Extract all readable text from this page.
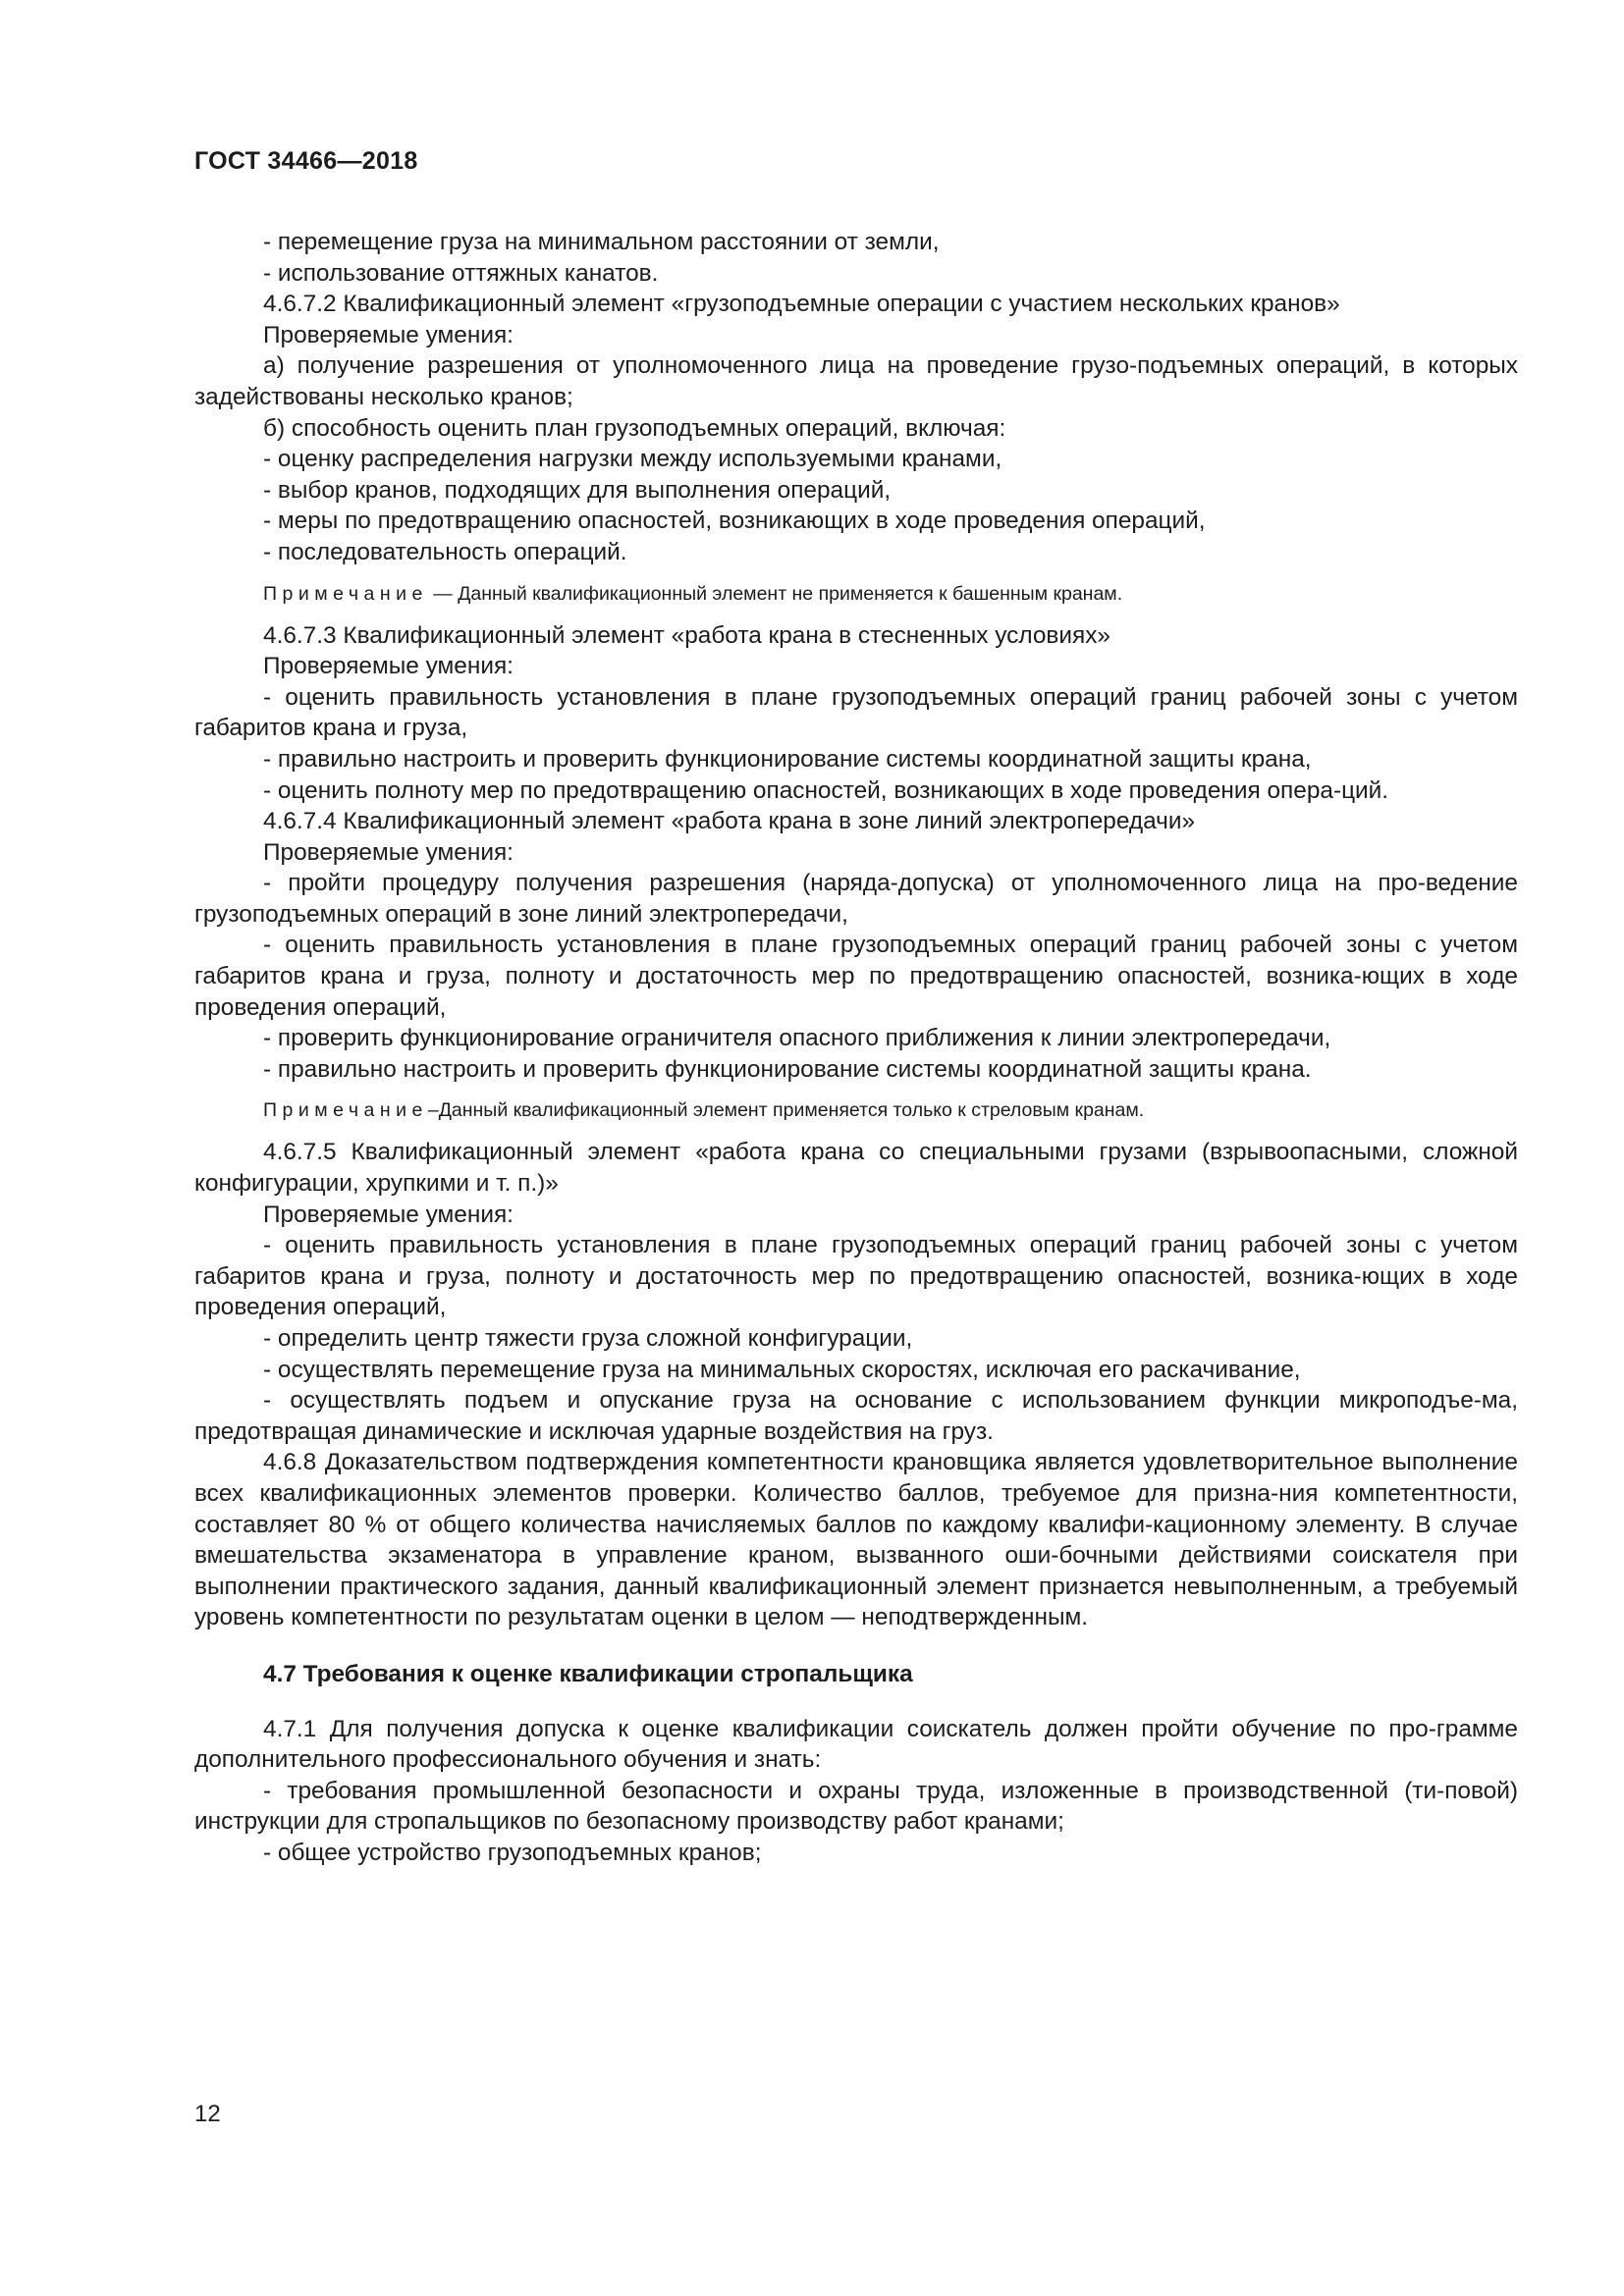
ГОСТ 34466—2018

- перемещение груза на минимальном расстоянии от земли,

- использование оттяжных канатов.

4.6.7.2 Квалификационный элемент «грузоподъемные операции с участием нескольких кранов»

Проверяемые умения:

а) получение разрешения от уполномоченного лица на проведение грузо-подъемных операций, в которых задействованы несколько кранов;

б) способность оценить план грузоподъемных операций, включая:

- оценку распределения нагрузки между используемыми кранами,

- выбор кранов, подходящих для выполнения операций,

- меры по предотвращению опасностей, возникающих в ходе проведения операций,

- последовательность операций.

Примечание — Данный квалификационный элемент не применяется к башенным кранам.

4.6.7.3 Квалификационный элемент «работа крана в стесненных условиях»

Проверяемые умения:

- оценить правильность установления в плане грузоподъемных операций границ рабочей зоны с учетом габаритов крана и груза,

- правильно настроить и проверить функционирование системы координатной защиты крана,

- оценить полноту мер по предотвращению опасностей, возникающих в ходе проведения опера-ций.

4.6.7.4 Квалификационный элемент «работа крана в зоне линий электропередачи»

Проверяемые умения:

- пройти процедуру получения разрешения (наряда-допуска) от уполномоченного лица на про-ведение грузоподъемных операций в зоне линий электропередачи,

- оценить правильность установления в плане грузоподъемных операций границ рабочей зоны с учетом габаритов крана и груза, полноту и достаточность мер по предотвращению опасностей, возника-ющих в ходе проведения операций,

- проверить функционирование ограничителя опасного приближения к линии электропередачи,

- правильно настроить и проверить функционирование системы координатной защиты крана.

Примечание–Данный квалификационный элемент применяется только к стреловым кранам.

4.6.7.5 Квалификационный элемент «работа крана со специальными грузами (взрывоопасными, сложной конфигурации, хрупкими и т. п.)»

Проверяемые умения:

- оценить правильность установления в плане грузоподъемных операций границ рабочей зоны с учетом габаритов крана и груза, полноту и достаточность мер по предотвращению опасностей, возника-ющих в ходе проведения операций,

- определить центр тяжести груза сложной конфигурации,

- осуществлять перемещение груза на минимальных скоростях, исключая его раскачивание,

- осуществлять подъем и опускание груза на основание с использованием функции микроподъе-ма, предотвращая динамические и исключая ударные воздействия на груз.

4.6.8 Доказательством подтверждения компетентности крановщика является удовлетворительное выполнение всех квалификационных элементов проверки. Количество баллов, требуемое для призна-ния компетентности, составляет 80 % от общего количества начисляемых баллов по каждому квалифи-кационному элементу. В случае вмешательства экзаменатора в управление краном, вызванного оши-бочными действиями соискателя при выполнении практического задания, данный квалификационный элемент признается невыполненным, а требуемый уровень компетентности по результатам оценки в целом — неподтвержденным.

4.7 Требования к оценке квалификации стропальщика

4.7.1 Для получения допуска к оценке квалификации соискатель должен пройти обучение по про-грамме дополнительного профессионального обучения и знать:

- требования промышленной безопасности и охраны труда, изложенные в производственной (ти-повой) инструкции для стропальщиков по безопасному производству работ кранами;

- общее устройство грузоподъемных кранов;

12
